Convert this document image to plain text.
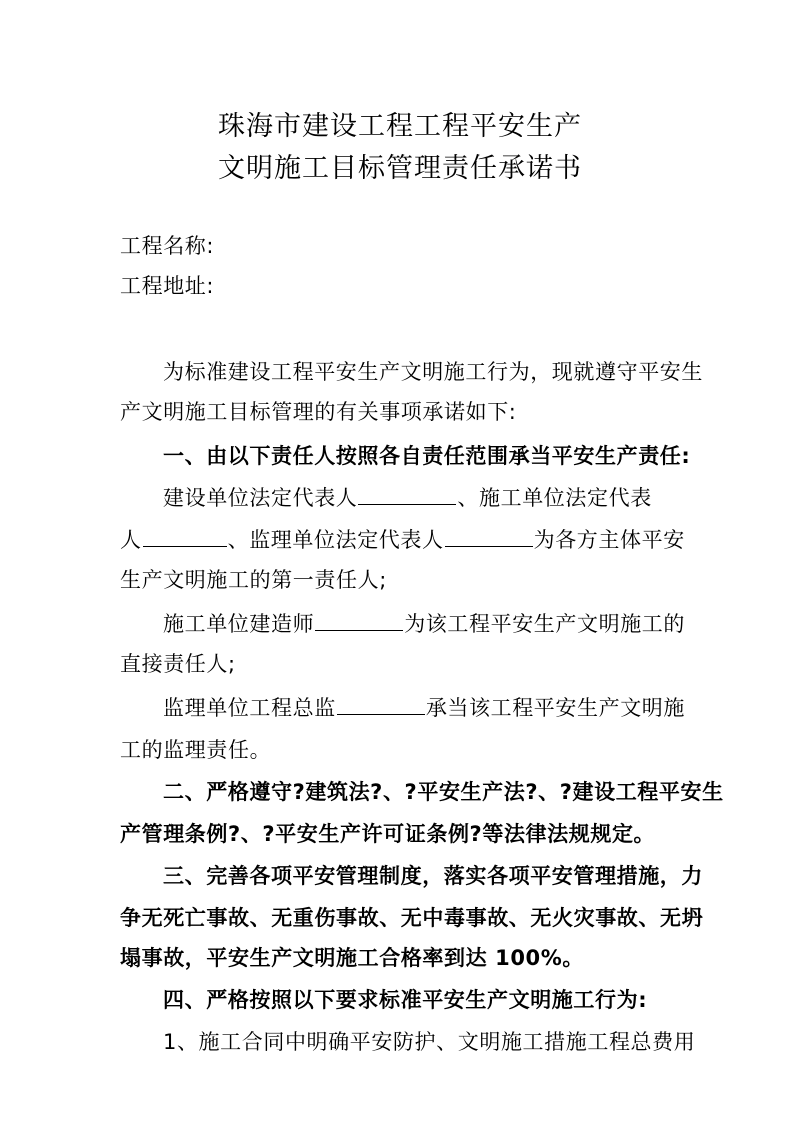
珠海市建设工程工程平安生产
文明施工目标管理责任承诺书
工程名称:
工程地址:
为标准建设工程平安生产文明施工行为，现就遵守平安生
产文明施工目标管理的有关事项承诺如下:
一、由以下责任人按照各自责任范围承当平安生产责任:
建设单位法定代表人	、施工单位法定代表
人	、监理单位法定代表人	为各方主体平安
生产文明施工的第一责任人;
施工单位建造师	为该工程平安生产文明施工的
直接责任人;
监理单位工程总监	承当该工程平安生产文明施
工的监理责任。
二、严格遵守?建筑法?、?平安生产法?、?建设工程平安生
产管理条例?、?平安生产许可证条例?等法律法规规定。
三、完善各项平安管理制度，落实各项平安管理措施，力
争无死亡事故、无重伤事故、无中毒事故、无火灾事故、无坍
塌事故，平安生产文明施工合格率到达 100%。
四、严格按照以下要求标准平安生产文明施工行为:
1、施工合同中明确平安防护、文明施工措施工程总费用
